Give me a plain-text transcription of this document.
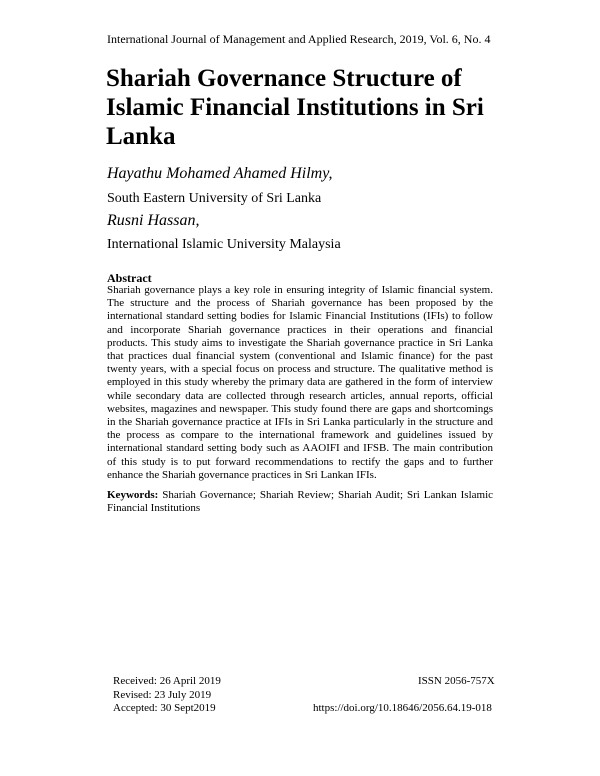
International Journal of Management and Applied Research, 2019, Vol. 6, No. 4
Shariah Governance Structure of
Islamic Financial Institutions in Sri
Lanka
Hayathu Mohamed Ahamed Hilmy,
South Eastern University of Sri Lanka
Rusni Hassan,
International Islamic University Malaysia
Abstract
Shariah governance plays a key role in ensuring integrity of Islamic financial system. The structure and the process of Shariah governance has been proposed by the international standard setting bodies for Islamic Financial Institutions (IFIs) to follow and incorporate Shariah governance practices in their operations and financial products. This study aims to investigate the Shariah governance practice in Sri Lanka that practices dual financial system (conventional and Islamic finance) for the past twenty years, with a special focus on process and structure. The qualitative method is employed in this study whereby the primary data are gathered in the form of interview while secondary data are collected through research articles, annual reports, official websites, magazines and newspaper. This study found there are gaps and shortcomings in the Shariah governance practice at IFIs in Sri Lanka particularly in the structure and the process as compare to the international framework and guidelines issued by international standard setting body such as AAOIFI and IFSB. The main contribution of this study is to put forward recommendations to rectify the gaps and to further enhance the Shariah governance practices in Sri Lankan IFIs.
Keywords: Shariah Governance; Shariah Review; Shariah Audit; Sri Lankan Islamic Financial Institutions
Received: 26 April 2019
Revised: 23 July 2019
Accepted: 30 Sept2019
ISSN 2056-757X
https://doi.org/10.18646/2056.64.19-018
